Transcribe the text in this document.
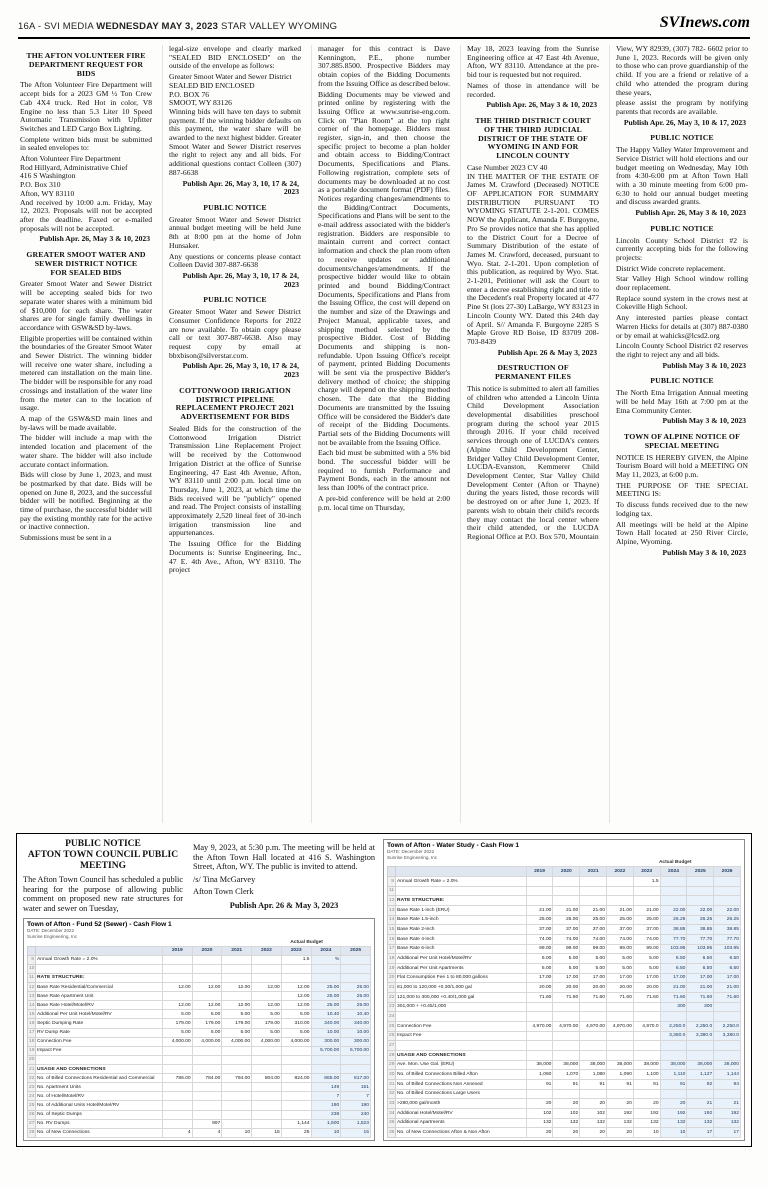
16A - SVI MEDIA WEDNESDAY MAY 3, 2023 STAR VALLEY WYOMING	SVInews.com
THE AFTON VOLUNTEER FIRE DEPARTMENT REQUEST FOR BIDS
The Afton Volunteer Fire Department will accept bids for a 2023 GM ½ Ton Crew Cab 4X4 truck. Red Hot in color, V8 Engine no less than 5.3 Liter 10 Speed Automatic Transmission with Upfitter Switches and LED Cargo Box Lighting.
Complete written bids must be submitted in sealed envelopes to:
Afton Volunteer Fire Department
Rod Hillyard, Administrative Chief
416 S Washington
P.O. Box 310
Afton, WY 83110
And received by 10:00 a.m. Friday, May 12, 2023. Proposals will not be accepted after the deadline. Faxed or e-mailed proposals will not be accepted.
Publish Apr. 26, May 3 & 10, 2023
GREATER SMOOT WATER AND SEWER DISTRICT NOTICE FOR SEALED BIDS
Greater Smoot Water and Sewer District will be accepting sealed bids for two separate water shares with a minimum bid of $10,000 for each share. The water shares are for single family dwellings in accordance with GSW&SD by-laws.
Eligible properties will be contained within the boundaries of the Greater Smoot Water and Sewer District. The winning bidder will receive one water share, including a metered can installation on the main line. The bidder will be responsible for any road crossings and installation of the water line from the meter can to the location of usage.
A map of the GSW&SD main lines and by-laws will be made available.
The bidder will include a map with the intended location and placement of the water share. The bidder will also include accurate contact information.
Bids will close by June 1, 2023, and must be postmarked by that date. Bids will be opened on June 8, 2023, and the successful bidder will be notified. Beginning at the time of purchase, the successful bidder will pay the existing monthly rate for the active or inactive connection.
Submissions must be sent in a
legal-size envelope and clearly marked "SEALED BID ENCLOSED" on the outside of the envelope as follows:
Greater Smoot Water and Sewer District
SEALED BID ENCLOSED
P.O. BOX 76
SMOOT, WY 83126
Winning bids will have ten days to submit payment. If the winning bidder defaults on this payment, the water share will be awarded to the next highest bidder. Greater Smoot Water and Sewer District reserves the right to reject any and all bids. For additional questions contact Colleen (307) 887-6638
Publish Apr. 26, May 3, 10, 17 & 24, 2023
PUBLIC NOTICE
Greater Smoot Water and Sewer District annual budget meeting will be held June 8th at 8:00 pm at the home of John Hunsaker.
Any questions or concerns please contact Colleen David 307-887-6638
Publish Apr. 26, May 3, 10, 17 & 24, 2023
PUBLIC NOTICE
Greater Smoot Water and Sewer District Consumer Confidence Reports for 2022 are now available. To obtain copy please call or text 307-887-6638. Also may request copy by email at bbxbison@silverstar.com.
Publish Apr. 26, May 3, 10, 17 & 24, 2023
COTTONWOOD IRRIGATION DISTRICT PIPELINE REPLACEMENT PROJECT 2021 ADVERTISEMENT FOR BIDS
Sealed Bids for the construction of the Cottonwood Irrigation District Transmission Line Replacement Project will be received by the Cottonwood Irrigation District at the office of Sunrise Engineering, 47 East 4th Avenue, Afton, WY 83110 until 2:00 p.m. local time on Thursday, June 1, 2023, at which time the Bids received will be "publicly" opened and read. The Project consists of installing approximately 2,520 lineal feet of 30-inch irrigation transmission line and appurtenances.
The Issuing Office for the Bidding Documents is: Sunrise Engineering, Inc., 47 E. 4th Ave., Afton, WY 83110. The project
manager for this contract is Dave Kennington, P.E., phone number 307.885.8500. Prospective Bidders may obtain copies of the Bidding Documents from the Issuing Office as described below.
Bidding Documents may be viewed and printed online by registering with the Issuing Office at www.sunrise-eng.com. Click on "Plan Room" at the top right corner of the homepage. Bidders must register, sign-in, and then choose the specific project to become a plan holder and obtain access to Bidding/Contract Documents, Specifications and Plans. Following registration, complete sets of documents may be downloaded at no cost as a portable document format (PDF) files. Notices regarding changes/amendments to the Bidding/Contract Documents, Specifications and Plans will be sent to the e-mail address associated with the bidder's registration. Bidders are responsible to maintain current and correct contact information and check the plan room often to receive updates or additional documents/changes/amendments. If the prospective bidder would like to obtain printed and bound Bidding/Contract Documents, Specifications and Plans from the Issuing Office, the cost will depend on the number and size of the Drawings and Project Manual, applicable taxes, and shipping method selected by the prospective Bidder. Cost of Bidding Documents and shipping is non-refundable. Upon Issuing Office's receipt of payment, printed Bidding Documents will be sent via the prospective Bidder's delivery method of choice; the shipping charge will depend on the shipping method chosen. The date that the Bidding Documents are transmitted by the Issuing Office will be considered the Bidder's date of receipt of the Bidding Documents. Partial sets of the Bidding Documents will not be available from the Issuing Office.
Each bid must be submitted with a 5% bid bond. The successful bidder will be required to furnish Performance and Payment Bonds, each in the amount not less than 100% of the contract price.
A pre-bid conference will be held at 2:00 p.m. local time on Thursday,
May 18, 2023 leaving from the Sunrise Engineering office at 47 East 4th Avenue, Afton, WY 83110. Attendance at the pre-bid tour is requested but not required.
Names of those in attendance will be recorded.
Publish Apr. 26, May 3 & 10, 2023
THE THIRD DISTRICT COURT OF THE THIRD JUDICIAL DISTRICT OF THE STATE OF WYOMING IN AND FOR LINCOLN COUNTY
Case Number 2023 CV 40
IN THE MATTER OF THE ESTATE OF James M. Crawford (Deceased) NOTICE OF APPLICATION FOR SUMMARY DISTRIBUTION PURSUANT TO WYOMING STATUTE 2-1-201. COMES NOW the Applicant, Amanda F. Burgoyne, Pro Se provides notice that she has applied to the District Court for a Decree of Summary Distribution of the estate of James M. Crawford, deceased, pursuant to Wyo. Stat. 2-1-201. Upon completion of this publication, as required by Wyo. Stat. 2-1-201, Petitioner will ask the Court to enter a decree establishing right and title to the Decedent's real Property located at 477 Pine St (lots 27-30) LaBarge, WY 83123 in Lincoln County WY. Dated this 24th day of April. S// Amanda F. Burgoyne 2285 S Maple Grove RD Boise, ID 83709 208-703-8439
Publish Apr. 26 & May 3, 2023
DESTRUCTION OF PERMANENT FILES
This notice is submitted to alert all families of children who attended a Lincoln Uinta Child Development Association developmental disabilities preschool program during the school year 2015 through 2016. If your child received services through one of LUCDA's centers (Alpine Child Development Center, Bridger Valley Child Development Center, LUCDA-Evanston, Kemmerer Child Development Center, Star Valley Child Development Center (Afton or Thayne) during the years listed, those records will be destroyed on or after June 1, 2023. If parents wish to obtain their child's records they may contact the local center where their child attended, or the LUCDA Regional Office at P.O. Box 570, Mountain
View, WY 82939, (307) 782- 6602 prior to June 1, 2023. Records will be given only to those who can prove guardianship of the child. If you are a friend or relative of a child who attended the program during these years,
please assist the program by notifying parents that records are available.
Publish Apr. 26, May 3, 10 & 17, 2023
PUBLIC NOTICE
The Happy Valley Water Improvement and Service District will hold elections and our budget meeting on Wednesday, May 10th from 4:30-6:00 pm at Afton Town Hall with a 30 minute meeting from 6:00 pm-6:30 to hold our annual budget meeting and discuss awarded grants.
Publish Apr. 26, May 3 & 10, 2023
PUBLIC NOTICE
Lincoln County School District #2 is currently accepting bids for the following projects:
District Wide concrete replacement.
Star Valley High School window rolling door replacement.
Replace sound system in the crows nest at Cokeville High School.
Any interested parties please contact Warren Hicks for details at (307) 887-0380 or by email at wahicks@lcsd2.org
Lincoln County School District #2 reserves the right to reject any and all bids.
Publish May 3 & 10, 2023
PUBLIC NOTICE
The North Etna Irrigation Annual meeting will be held May 16th at 7:00 pm at the Etna Community Center.
Publish May 3 & 10, 2023
TOWN OF ALPINE NOTICE OF SPECIAL MEETING
NOTICE IS HEREBY GIVEN, the Alpine Tourism Board will hold a MEETING ON May 11, 2023, at 6:00 p.m.
THE PURPOSE OF THE SPECIAL MEETING IS:
To discuss funds received due to the new lodging tax.
All meetings will be held at the Alpine Town Hall located at 250 River Circle, Alpine, Wyoming.
Publish May 3 & 10, 2023
PUBLIC NOTICE
AFTON TOWN COUNCIL PUBLIC MEETING
The Afton Town Council has scheduled a public hearing for the purpose of allowing public comment on proposed new rate structures for water and sewer on Tuesday,
May 9, 2023, at 5:30 p.m. The meeting will be held at the Afton Town Hall located at 416 S. Washington Street, Afton, WY. The public is invited to attend.
/s/ Tina McGarvey
Afton Town Clerk
Publish Apr. 26 & May 3, 2023
Town of Afton - Fund 52 (Sewer) - Cash Flow 1
DATE: December 2022
Sunrise Engineering, Inc
Actual Budget
		2019	2020	2021	2022	2023	2024	2025
9	Annual Growth Rate = 2.0%					1.5	%	
10								
11	RATE STRUCTURE:							
12	Base Rate Residential/Commercial	12.00	12.00	12.00	12.00	12.00	25.00	25.00
13	Base Rate Apartment Unit					12.00	25.00	25.00
14	Base Rate Hotel/Motel/RV	12.00	12.00	12.00	12.00	12.00	25.00	25.00
15	Additional Per Unit Hotel/Motel/RV	5.00	5.00	5.00	5.00	5.00	10.40	10.40
16	Septic Dumping Rate	179.00	179.00	179.00	179.00	310.00	340.00	340.00
17	RV Dump Rate	5.00	5.00	5.00	5.00	5.00	10.00	10.00
18	Connection Fee	4,000.00	4,000.00	4,000.00	4,000.00	4,000.00	300.00	300.00
19	Impact Fee						5,700.00	5,700.00
20								
21	USAGE AND CONNECTIONS							
22	No. of Billed Connections Residential and Commercial	786.00	784.00	794.00	804.00	824.00	865.00	817.00
23	No. Apartment Units						149	151
24	No. of Hotel/Motel/RV						7	7
25	No. of Additional Units Hotel/Motel/RV						190	190
26	No. of Septic Dumps						238	240
27	No. RV Dumps		997			1,144	1,500	1,523
28	No. of New Connections	4	4	10	15	25	10	15
Town of Afton - Water Study - Cash Flow 1
DATE: December 2022
Sunrise Engineering, Inc
Actual Budget
		2019	2020	2021	2022	2023	2024	2025	2026
9	Annual Growth Rate = 2.0%					1.5			
11									
12	RATE STRUCTURE:								
13	Base Rate 1-inch (ERU)	21.00	21.00	21.00	21.00	21.00	22.00	22.00	22.00
14	Base Rate 1.5-inch	25.00	25.00	25.00	25.00	25.00	26.25	26.25	26.25
15	Base Rate 2-inch	37.00	37.00	37.00	37.00	37.00	38.85	38.85	38.85
16	Base Rate 4-inch	74.00	74.00	74.00	74.00	74.00	77.70	77.70	77.70
17	Base Rate 6-inch	99.00	99.00	99.00	99.00	99.00	103.95	103.95	103.95
18	Additional Per Unit Hotel/Motel/RV	5.00	5.00	5.00	5.00	5.00	6.50	6.50	6.50
19	Additional Per Unit Apartments	5.00	5.00	5.00	5.00	5.00	6.50	6.50	6.50
20	Flat Consumption Fee 1 to 80,000 gallons	17.00	17.00	17.00	17.00	17.00	17.00	17.00	17.00
21	81,000 to 120,000 +0.30/1,000 gal	20.00	20.00	20.00	20.00	20.00	21.00	21.00	21.00
22	121,000 to 300,000 +0.40/1,000 gal	71.60	71.60	71.60	71.60	71.60	71.60	71.60	71.60
23	301,000 + +0.45/1,000						300	300	
24									
25	Connection Fee	4,970.00	4,970.00	4,970.00	4,970.00	4,970.0	2,250.0	2,250.0	2,250.0
26	Impact Fee						3,380.0	3,380.0	3,380.0
27									
28	USAGE AND CONNECTIONS								
29	Ave. Mon. Use Gal. (ERU)	38,000	38,000	38,000	38,000	38,000	38,000	38,000	38,000
30	No. of Billed Connections Billed Afton	1,060	1,070	1,080	1,090	1,100	1,110	1,127	1,144
31	No. of Billed Connections Non Annexed	91	91	91	91	91	91	92	94
32	No. of Billed Connections Large Users								
33	>280,000 gal/month	20	20	20	20	20	20	21	21
34	Additional Hotel/Motel/RV	102	102	102	192	192	192	192	192
35	Additional Apartments	132	132	132	132	132	132	132	132
36	No. of New Connections Afton & Non Afton	20	20	20	20	10	10	17	17
